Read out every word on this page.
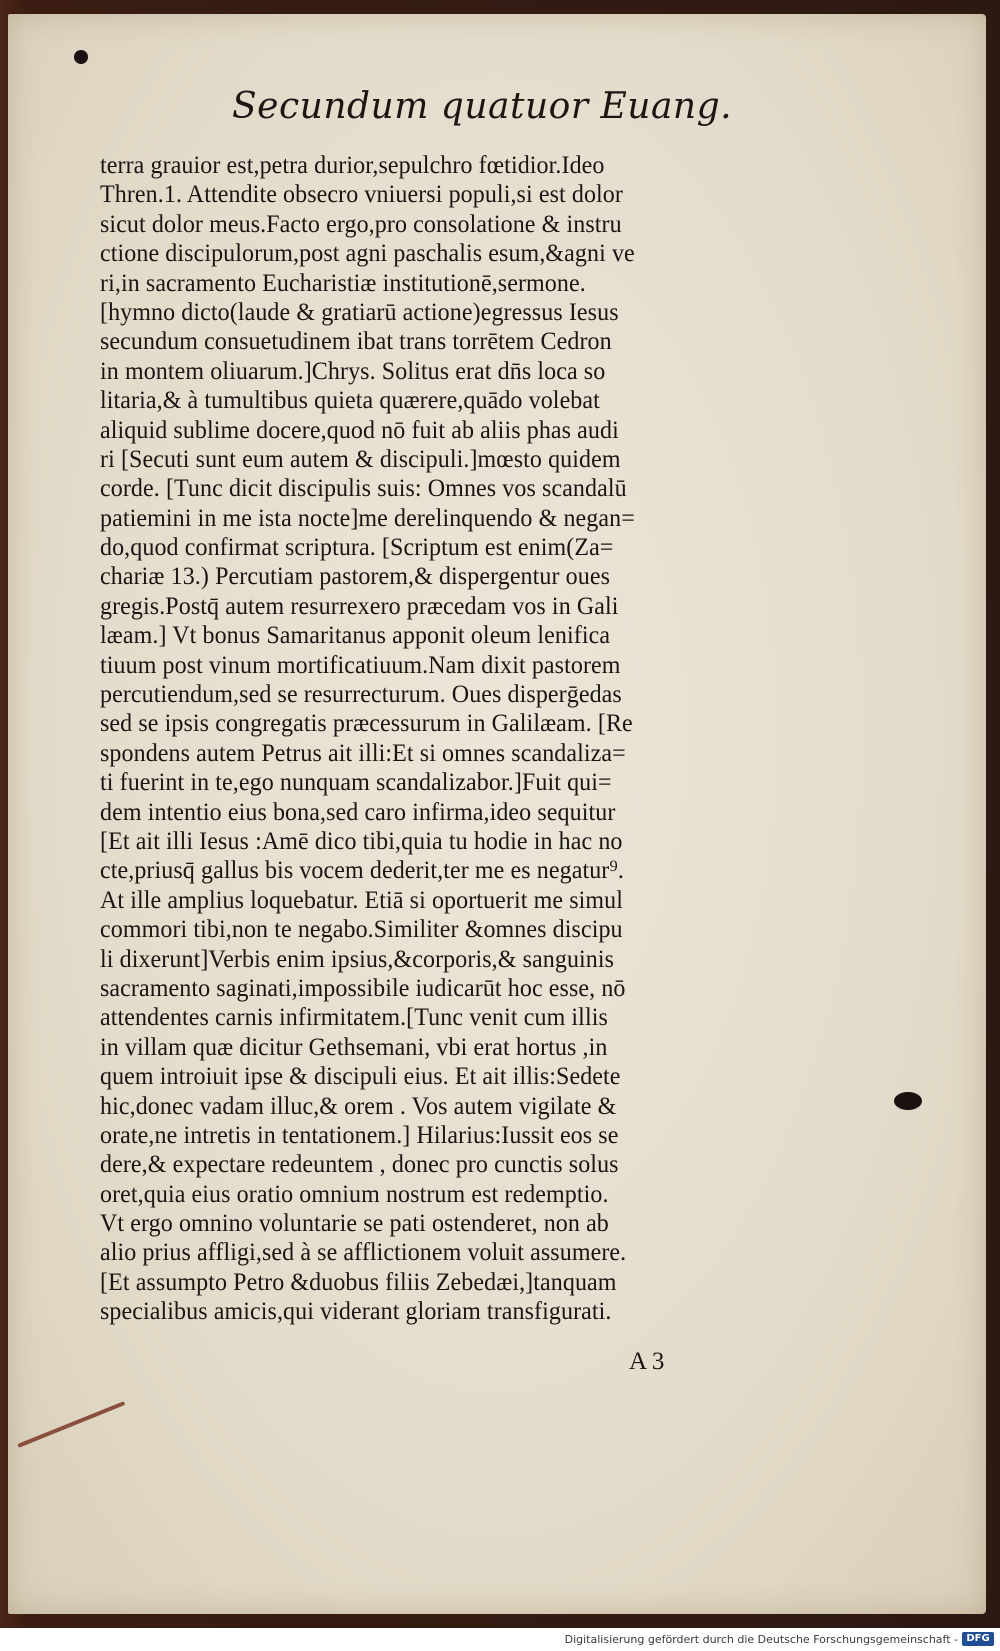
Secundum quatuor Euang.
terra grauior est,petra durior,sepulchro fœtidior.Ideo
Thren.1. Attendite obsecro vniuersi populi,si est dolor
sicut dolor meus.Facto ergo,pro consolatione & instru
ctione discipulorum,post agni paschalis esum,&agni ve
ri,in sacramento Eucharistiæ institutionē,sermone.
[hymno dicto(laude & gratiarū actione)egressus Iesus
secundum consuetudinem ibat trans torrētem Cedron
in montem oliuarum.]Chrys. Solitus erat dn̄s loca so
litaria,& à tumultibus quieta quærere,quādo volebat
aliquid sublime docere,quod nō fuit ab aliis phas audi
ri [Secuti sunt eum autem & discipuli.]mœsto quidem
corde. [Tunc dicit discipulis suis: Omnes vos scandalū
patiemini in me ista nocte]me derelinquendo & negan=
do,quod confirmat scriptura. [Scriptum est enim(Za=
chariæ 13.) Percutiam pastorem,& dispergentur oues
gregis.Postq̄ autem resurrexero præcedam vos in Gali
læam.] Vt bonus Samaritanus apponit oleum lenifica
tiuum post vinum mortificatiuum.Nam dixit pastorem
percutiendum,sed se resurrecturum. Oues disperḡedas
sed se ipsis congregatis præcessurum in Galilæam. [Re
spondens autem Petrus ait illi:Et si omnes scandaliza=
ti fuerint in te,ego nunquam scandalizabor.]Fuit qui=
dem intentio eius bona,sed caro infirma,ideo sequitur
[Et ait illi Iesus :Amē dico tibi,quia tu hodie in hac no
cte,priusq̄ gallus bis vocem dederit,ter me es negatur⁹.
At ille amplius loquebatur. Etiā si oportuerit me simul
commori tibi,non te negabo.Similiter &omnes discipu
li dixerunt]Verbis enim ipsius,&corporis,& sanguinis
sacramento saginati,impossibile iudicarūt hoc esse, nō
attendentes carnis infirmitatem.[Tunc venit cum illis
in villam quæ dicitur Gethsemani, vbi erat hortus ,in
quem introiuit ipse & discipuli eius. Et ait illis:Sedete
hic,donec vadam illuc,& orem . Vos autem vigilate &
orate,ne intretis in tentationem.] Hilarius:Iussit eos se
dere,& expectare redeuntem , donec pro cunctis solus
oret,quia eius oratio omnium nostrum est redemptio.
Vt ergo omnino voluntarie se pati ostenderet, non ab
alio prius affligi,sed à se afflictionem voluit assumere.
[Et assumpto Petro &duobus filiis Zebedæi,]tanquam
specialibus amicis,qui viderant gloriam transfigurati.
A 3
Digitalisierung gefördert durch die Deutsche Forschungsgemeinschaft - DFG
